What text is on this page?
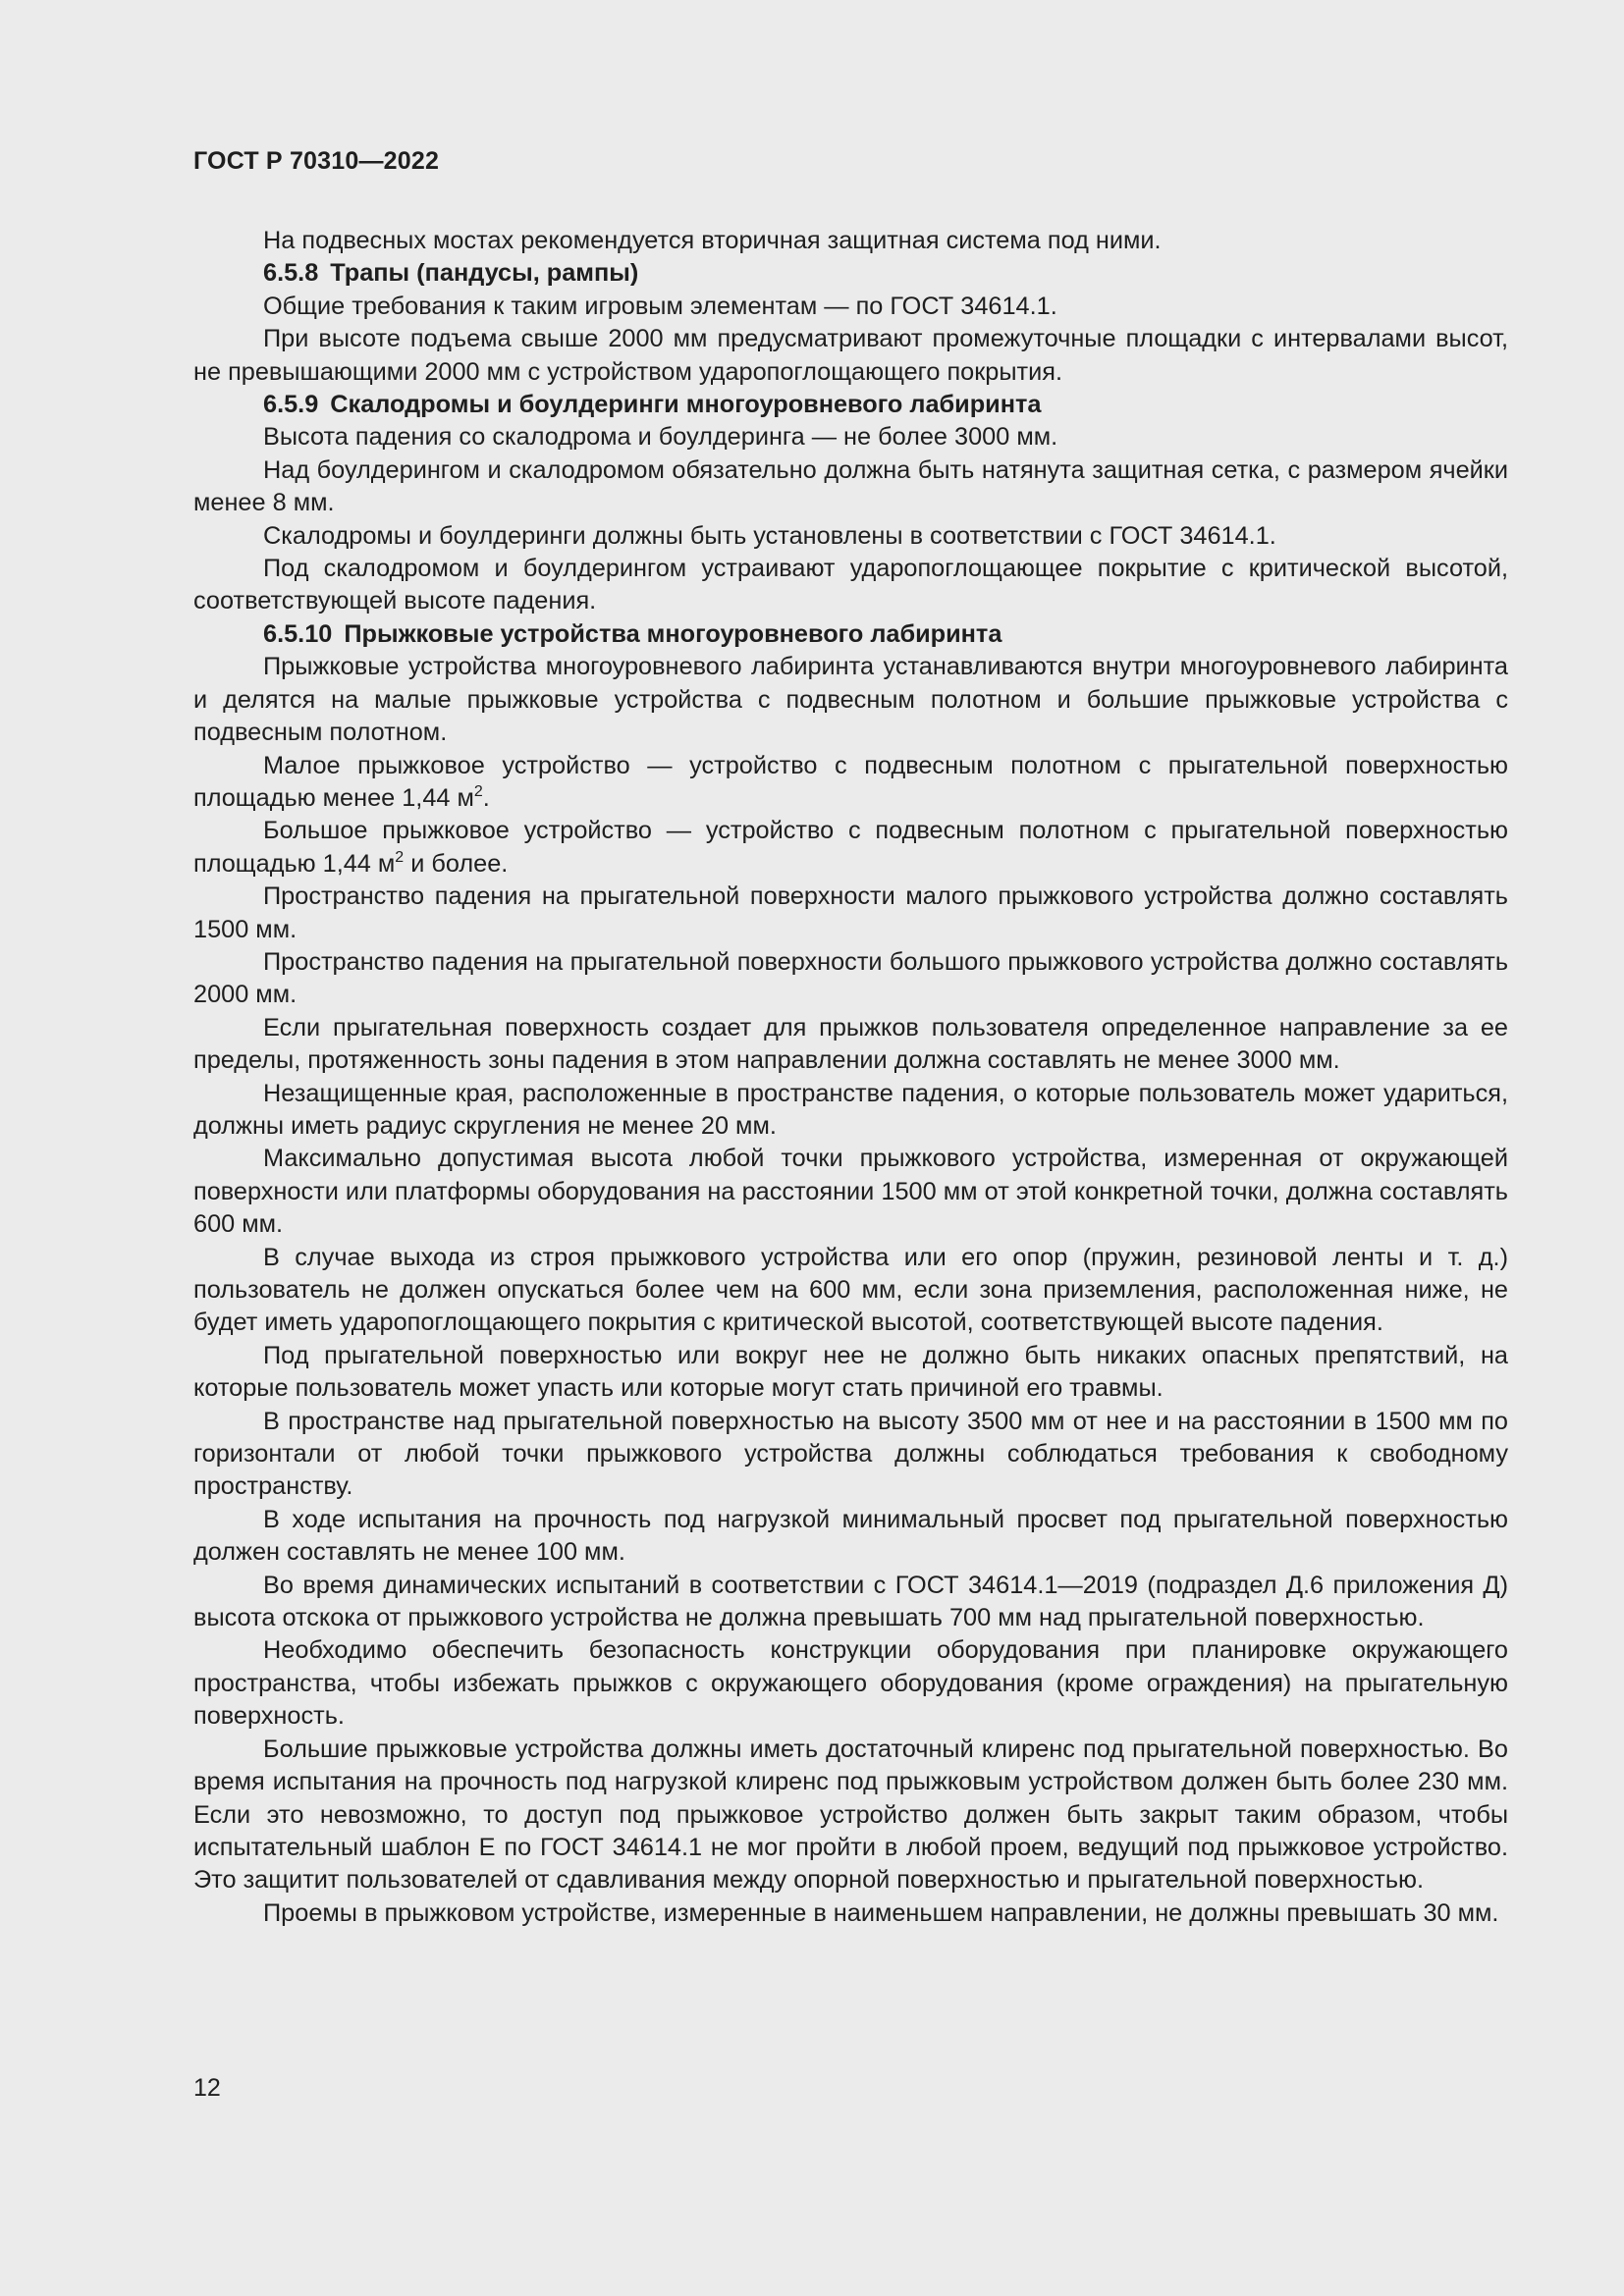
ГОСТ Р 70310—2022

На подвесных мостах рекомендуется вторичная защитная система под ними.

6.5.8 Трапы (пандусы, рампы)

Общие требования к таким игровым элементам — по ГОСТ 34614.1.

При высоте подъема свыше 2000 мм предусматривают промежуточные площадки с интервалами высот, не превышающими 2000 мм с устройством ударопоглощающего покрытия.

6.5.9 Скалодромы и боулдеринги многоуровневого лабиринта

Высота падения со скалодрома и боулдеринга — не более 3000 мм.

Над боулдерингом и скалодромом обязательно должна быть натянута защитная сетка, с размером ячейки менее 8 мм.

Скалодромы и боулдеринги должны быть установлены в соответствии с ГОСТ 34614.1.

Под скалодромом и боулдерингом устраивают ударопоглощающее покрытие с критической высотой, соответствующей высоте падения.

6.5.10 Прыжковые устройства многоуровневого лабиринта

Прыжковые устройства многоуровневого лабиринта устанавливаются внутри многоуровневого лабиринта и делятся на малые прыжковые устройства с подвесным полотном и большие прыжковые устройства с подвесным полотном.

Малое прыжковое устройство — устройство с подвесным полотном с прыгательной поверхностью площадью менее 1,44 $м^2$.

Большое прыжковое устройство — устройство с подвесным полотном с прыгательной поверхностью площадью 1,44 $м^2$ и более.

Пространство падения на прыгательной поверхности малого прыжкового устройства должно составлять 1500 мм.

Пространство падения на прыгательной поверхности большого прыжкового устройства должно составлять 2000 мм.

Если прыгательная поверхность создает для прыжков пользователя определенное направление за ее пределы, протяженность зоны падения в этом направлении должна составлять не менее 3000 мм.

Незащищенные края, расположенные в пространстве падения, о которые пользователь может удариться, должны иметь радиус скругления не менее 20 мм.

Максимально допустимая высота любой точки прыжкового устройства, измеренная от окружающей поверхности или платформы оборудования на расстоянии 1500 мм от этой конкретной точки, должна составлять 600 мм.

В случае выхода из строя прыжкового устройства или его опор (пружин, резиновой ленты и т. д.) пользователь не должен опускаться более чем на 600 мм, если зона приземления, расположенная ниже, не будет иметь ударопоглощающего покрытия с критической высотой, соответствующей высоте падения.

Под прыгательной поверхностью или вокруг нее не должно быть никаких опасных препятствий, на которые пользователь может упасть или которые могут стать причиной его травмы.

В пространстве над прыгательной поверхностью на высоту 3500 мм от нее и на расстоянии в 1500 мм по горизонтали от любой точки прыжкового устройства должны соблюдаться требования к свободному пространству.

В ходе испытания на прочность под нагрузкой минимальный просвет под прыгательной поверхностью должен составлять не менее 100 мм.

Во время динамических испытаний в соответствии с ГОСТ 34614.1—2019 (подраздел Д.6 приложения Д) высота отскока от прыжкового устройства не должна превышать 700 мм над прыгательной поверхностью.

Необходимо обеспечить безопасность конструкции оборудования при планировке окружающего пространства, чтобы избежать прыжков с окружающего оборудования (кроме ограждения) на прыгательную поверхность.

Большие прыжковые устройства должны иметь достаточный клиренс под прыгательной поверхностью. Во время испытания на прочность под нагрузкой клиренс под прыжковым устройством должен быть более 230 мм. Если это невозможно, то доступ под прыжковое устройство должен быть закрыт таким образом, чтобы испытательный шаблон Е по ГОСТ 34614.1 не мог пройти в любой проем, ведущий под прыжковое устройство. Это защитит пользователей от сдавливания между опорной поверхностью и прыгательной поверхностью.

Проемы в прыжковом устройстве, измеренные в наименьшем направлении, не должны превышать 30 мм.

12
